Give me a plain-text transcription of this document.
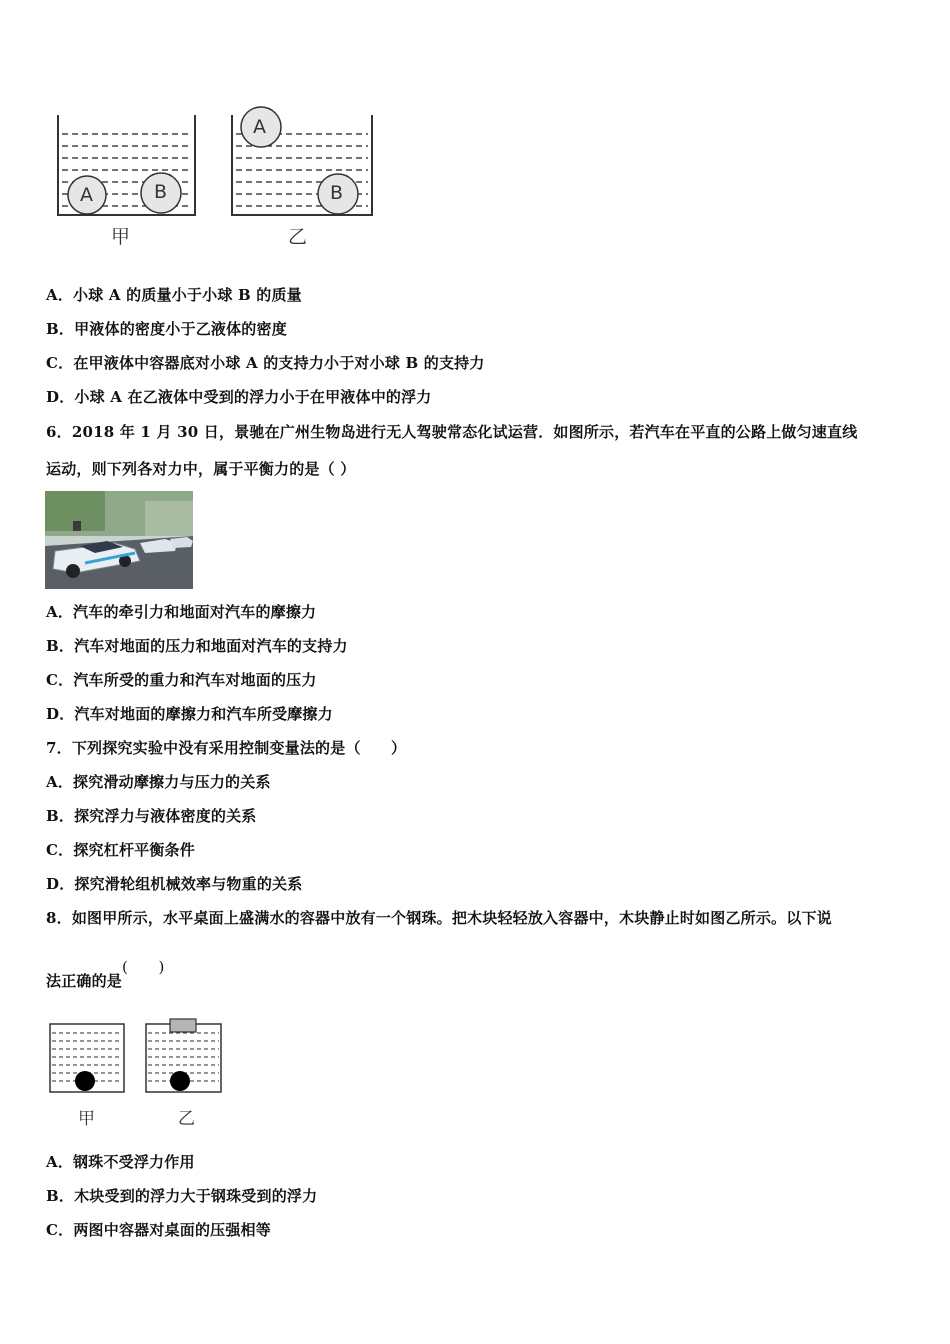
A	B
A
B
甲	乙
A．小球 A 的质量小于小球 B 的质量
B．甲液体的密度小于乙液体的密度
C．在甲液体中容器底对小球 A 的支持力小于对小球 B 的支持力
D．小球 A 在乙液体中受到的浮力小于在甲液体中的浮力
6．2018 年 1 月 30 日，景驰在广州生物岛进行无人驾驶常态化试运营．如图所示，若汽车在平直的公路上做匀速直线
运动，则下列各对力中，属于平衡力的是（ ）
A．汽车的牵引力和地面对汽车的摩擦力
B．汽车对地面的压力和地面对汽车的支持力
C．汽车所受的重力和汽车对地面的压力
D．汽车对地面的摩擦力和汽车所受摩擦力
7．下列探究实验中没有采用控制变量法的是（　　）
A．探究滑动摩擦力与压力的关系
B．探究浮力与液体密度的关系
C．探究杠杆平衡条件
D．探究滑轮组机械效率与物重的关系
8．如图甲所示，水平桌面上盛满水的容器中放有一个钢珠。把木块轻轻放入容器中，木块静止时如图乙所示。以下说
法正确的是(　　)
甲	乙
A．钢珠不受浮力作用
B．木块受到的浮力大于钢珠受到的浮力
C．两图中容器对桌面的压强相等
